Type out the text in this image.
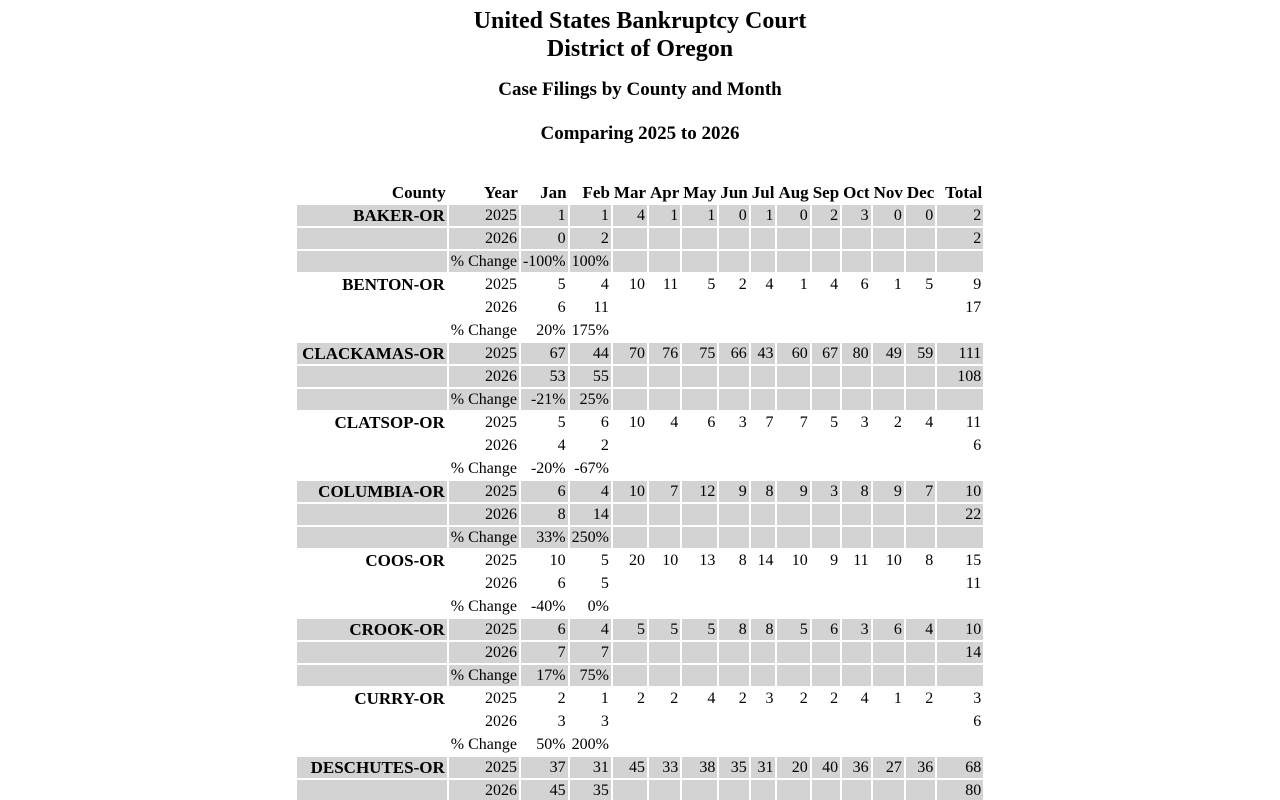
United States Bankruptcy Court
District of Oregon
Case Filings by County and Month
Comparing 2025 to 2026
County	Year	Jan	Feb	Mar	Apr	May	Jun	Jul	Aug	Sep	Oct	Nov	Dec	Total
BAKER-OR	2025	1	1	4	1	1	0	1	0	2	3	0	0	2
	2026	0	2											2
	% Change	-100%	100%											
BENTON-OR	2025	5	4	10	11	5	2	4	1	4	6	1	5	9
	2026	6	11											17
	% Change	20%	175%											
CLACKAMAS-OR	2025	67	44	70	76	75	66	43	60	67	80	49	59	111
	2026	53	55											108
	% Change	-21%	25%											
CLATSOP-OR	2025	5	6	10	4	6	3	7	7	5	3	2	4	11
	2026	4	2											6
	% Change	-20%	-67%											
COLUMBIA-OR	2025	6	4	10	7	12	9	8	9	3	8	9	7	10
	2026	8	14											22
	% Change	33%	250%											
COOS-OR	2025	10	5	20	10	13	8	14	10	9	11	10	8	15
	2026	6	5											11
	% Change	-40%	0%											
CROOK-OR	2025	6	4	5	5	5	8	8	5	6	3	6	4	10
	2026	7	7											14
	% Change	17%	75%											
CURRY-OR	2025	2	1	2	2	4	2	3	2	2	4	1	2	3
	2026	3	3											6
	% Change	50%	200%											
DESCHUTES-OR	2025	37	31	45	33	38	35	31	20	40	36	27	36	68
	2026	45	35											80
